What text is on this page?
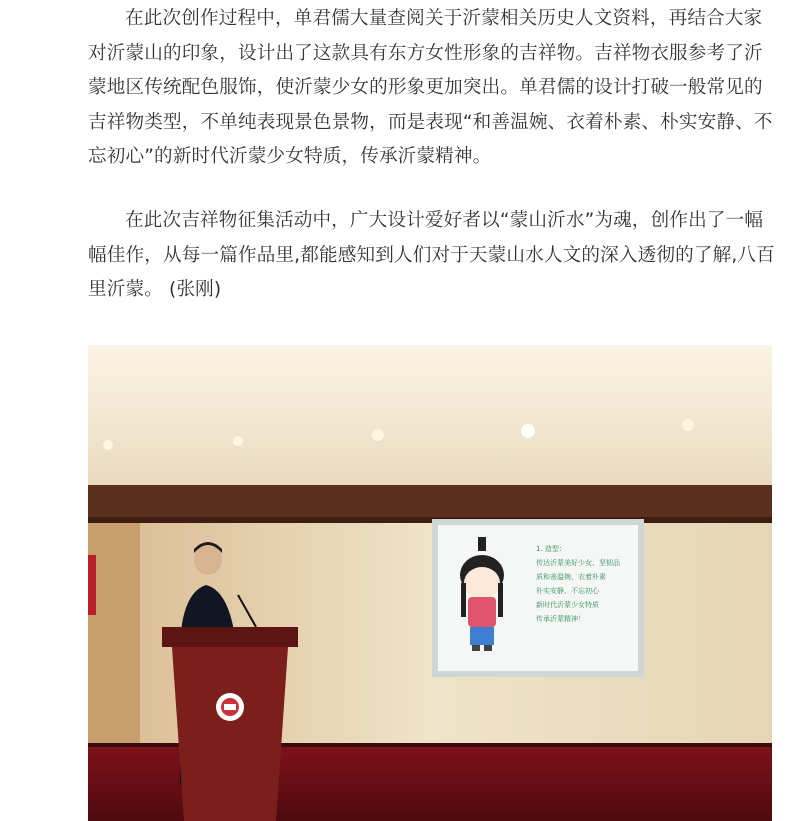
在此次创作过程中，单君儒大量查阅关于沂蒙相关历史人文资料，再结合大家对沂蒙山的印象，设计出了这款具有东方女性形象的吉祥物。吉祥物衣服参考了沂蒙地区传统配色服饰，使沂蒙少女的形象更加突出。单君儒的设计打破一般常见的吉祥物类型，不单纯表现景色景物，而是表现“和善温婉、衣着朴素、朴实安静、不忘初心”的新时代沂蒙少女特质，传承沂蒙精神。

在此次吉祥物征集活动中，广大设计爱好者以“蒙山沂水”为魂，创作出了一幅幅佳作，从每一篇作品里,都能感知到人们对于天蒙山水人文的深入透彻的了解,八百里沂蒙。 (张刚)

1. 造型：
传达沂蒙美好少女、坚韧品
质和善温婉、衣着朴素
朴实安静、不忘初心
新时代沂蒙少女特质
传承沂蒙精神！
